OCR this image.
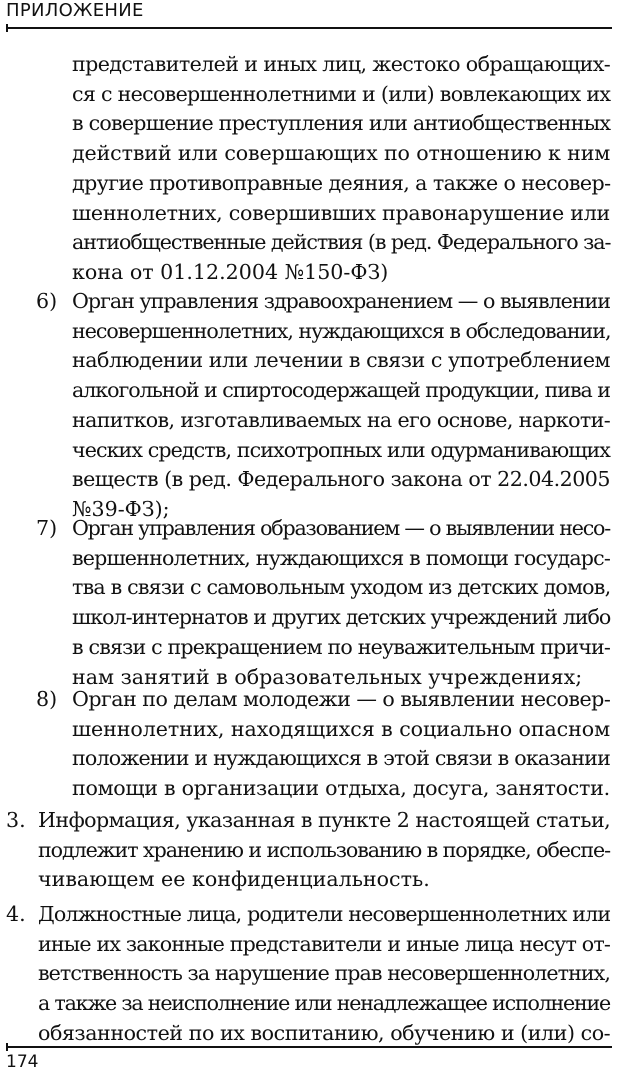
ПРИЛОЖЕНИЕ
представителей и иных лиц, жестоко обращающих-
ся с несовершеннолетними и (или) вовлекающих их
в совершение преступления или антиобщественных
действий или совершающих по отношению к ним
другие противоправные деяния, а также о несовер-
шеннолетних, совершивших правонарушение или
антиобщественные действия (в ред. Федерального за-
кона от 01.12.2004 №150-ФЗ)
6) Орган управления здравоохранением — о выявлении
несовершеннолетних, нуждающихся в обследовании,
наблюдении или лечении в связи с употреблением
алкогольной и спиртосодержащей продукции, пива и
напитков, изготавливаемых на его основе, наркоти-
ческих средств, психотропных или одурманивающих
веществ (в ред. Федерального закона от 22.04.2005
№39-ФЗ);
7) Орган управления образованием — о выявлении несо-
вершеннолетних, нуждающихся в помощи государс-
тва в связи с самовольным уходом из детских домов,
школ-интернатов и других детских учреждений либо
в связи с прекращением по неуважительным причи-
нам занятий в образовательных учреждениях;
8) Орган по делам молодежи — о выявлении несовер-
шеннолетних, находящихся в социально опасном
положении и нуждающихся в этой связи в оказании
помощи в организации отдыха, досуга, занятости.
3. Информация, указанная в пункте 2 настоящей статьи,
подлежит хранению и использованию в порядке, обеспе-
чивающем ее конфиденциальность.
4. Должностные лица, родители несовершеннолетних или
иные их законные представители и иные лица несут от-
ветственность за нарушение прав несовершеннолетних,
а также за неисполнение или ненадлежащее исполнение
обязанностей по их воспитанию, обучению и (или) со-
174
